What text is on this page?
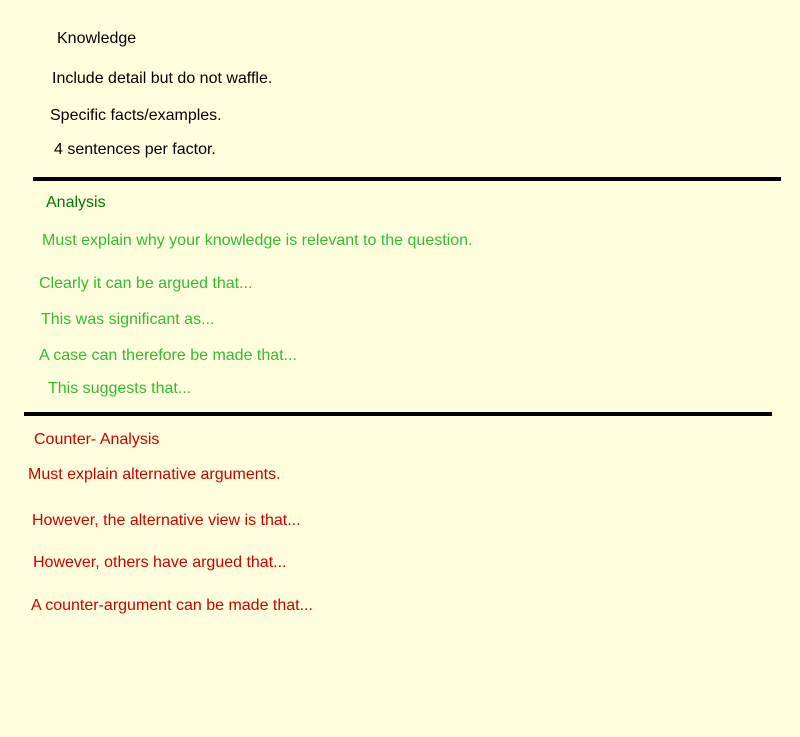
Knowledge
Include detail but do not waffle.
Specific facts/examples.
4 sentences per factor.
Analysis
Must explain why your knowledge is relevant to the question.
Clearly it can be argued that...
This was significant as...
A case can therefore be made that...
This suggests that...
Counter- Analysis
Must explain alternative arguments.
However, the alternative view is that...
However, others have argued that...
A counter-argument can be made that...
